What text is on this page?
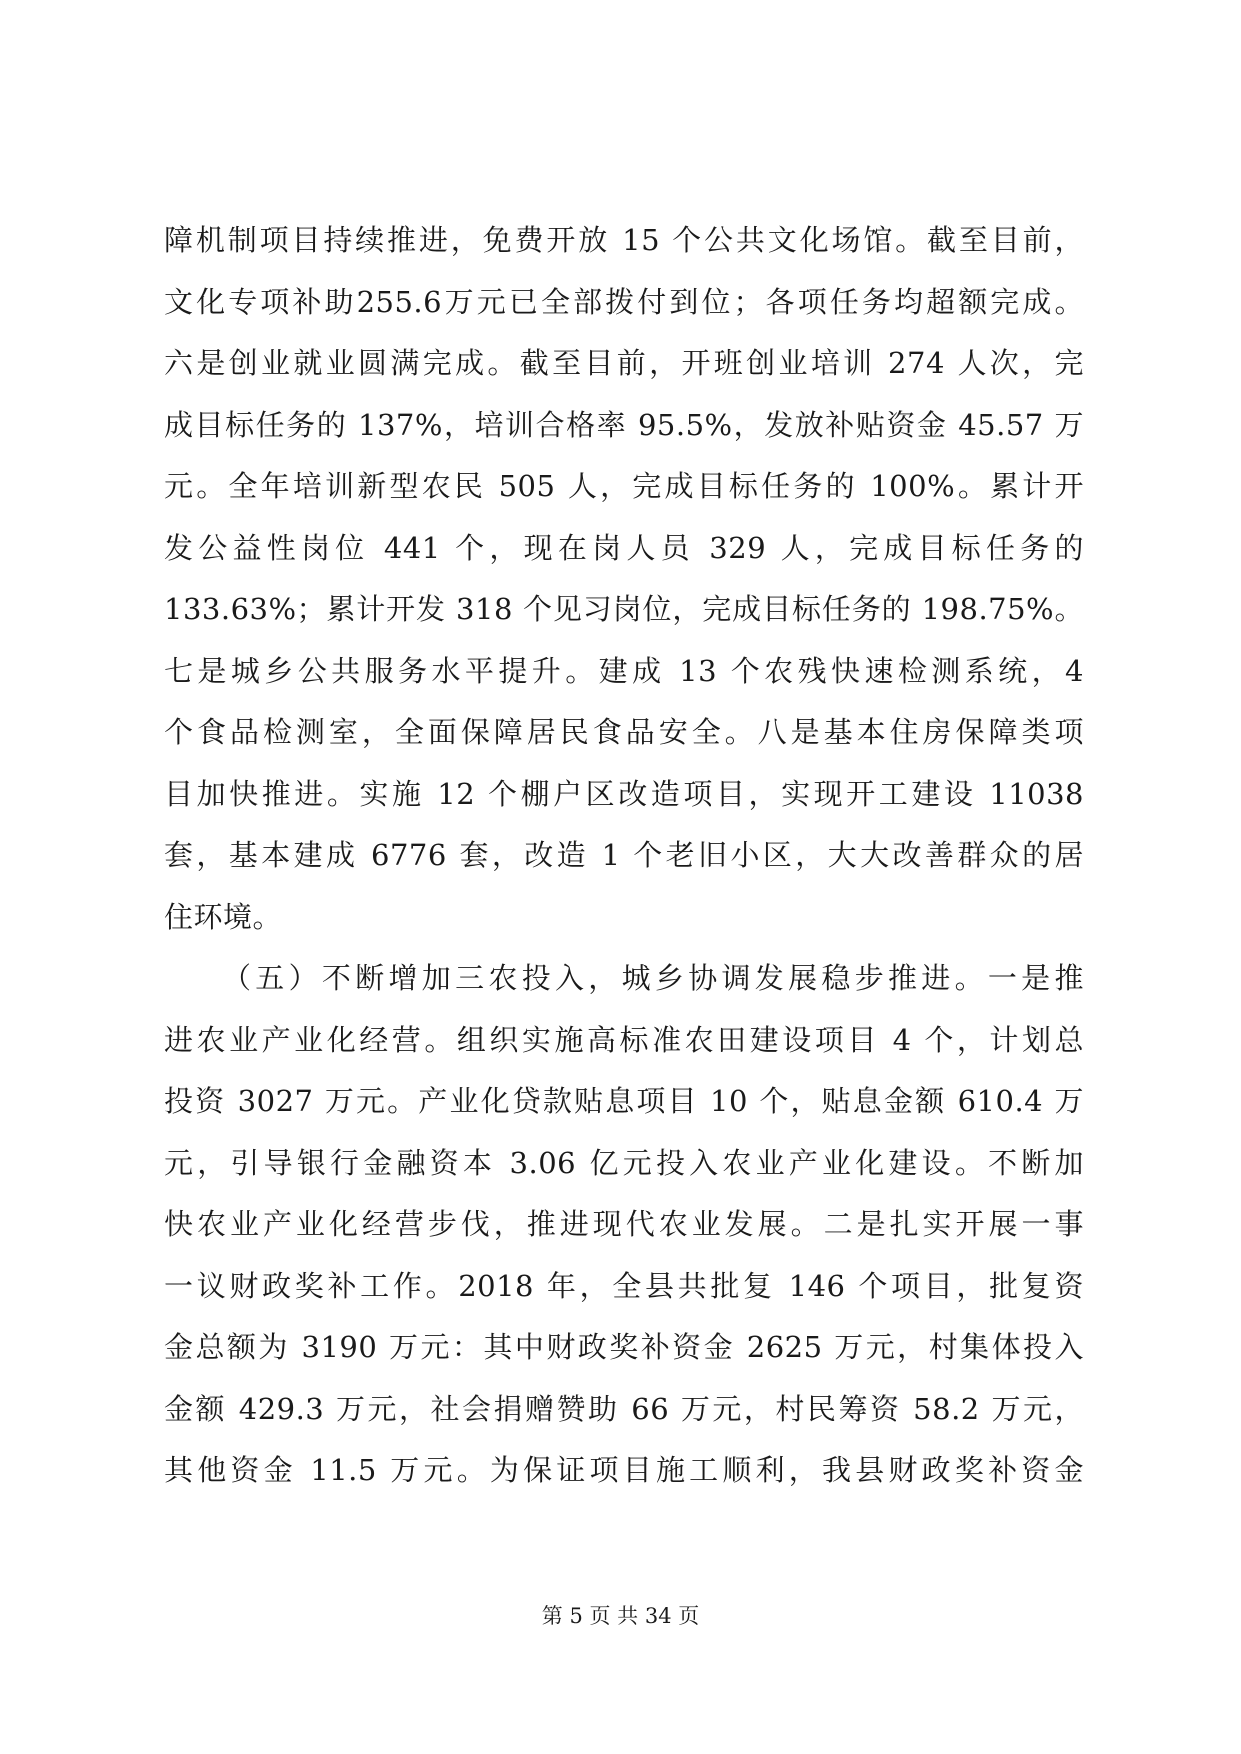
障机制项目持续推进，免费开放 15 个公共文化场馆。截至目前，
文化专项补助255.6万元已全部拨付到位；各项任务均超额完成。
六是创业就业圆满完成。截至目前，开班创业培训 274 人次，完
成目标任务的 137%，培训合格率 95.5%，发放补贴资金 45.57 万
元。全年培训新型农民 505 人，完成目标任务的 100%。累计开
发公益性岗位 441 个，现在岗人员 329 人，完成目标任务的
133.63%；累计开发 318 个见习岗位，完成目标任务的 198.75%。
七是城乡公共服务水平提升。建成 13 个农残快速检测系统，4
个食品检测室，全面保障居民食品安全。八是基本住房保障类项
目加快推进。实施 12 个棚户区改造项目，实现开工建设 11038
套，基本建成 6776 套，改造 1 个老旧小区，大大改善群众的居
住环境。
（五）不断增加三农投入，城乡协调发展稳步推进。一是推
进农业产业化经营。组织实施高标准农田建设项目 4 个，计划总
投资 3027 万元。产业化贷款贴息项目 10 个，贴息金额 610.4 万
元，引导银行金融资本 3.06 亿元投入农业产业化建设。不断加
快农业产业化经营步伐，推进现代农业发展。二是扎实开展一事
一议财政奖补工作。2018 年，全县共批复 146 个项目，批复资
金总额为 3190 万元：其中财政奖补资金 2625 万元，村集体投入
金额 429.3 万元，社会捐赠赞助 66 万元，村民筹资 58.2 万元，
其他资金 11.5 万元。为保证项目施工顺利，我县财政奖补资金
第 5 页 共 34 页
